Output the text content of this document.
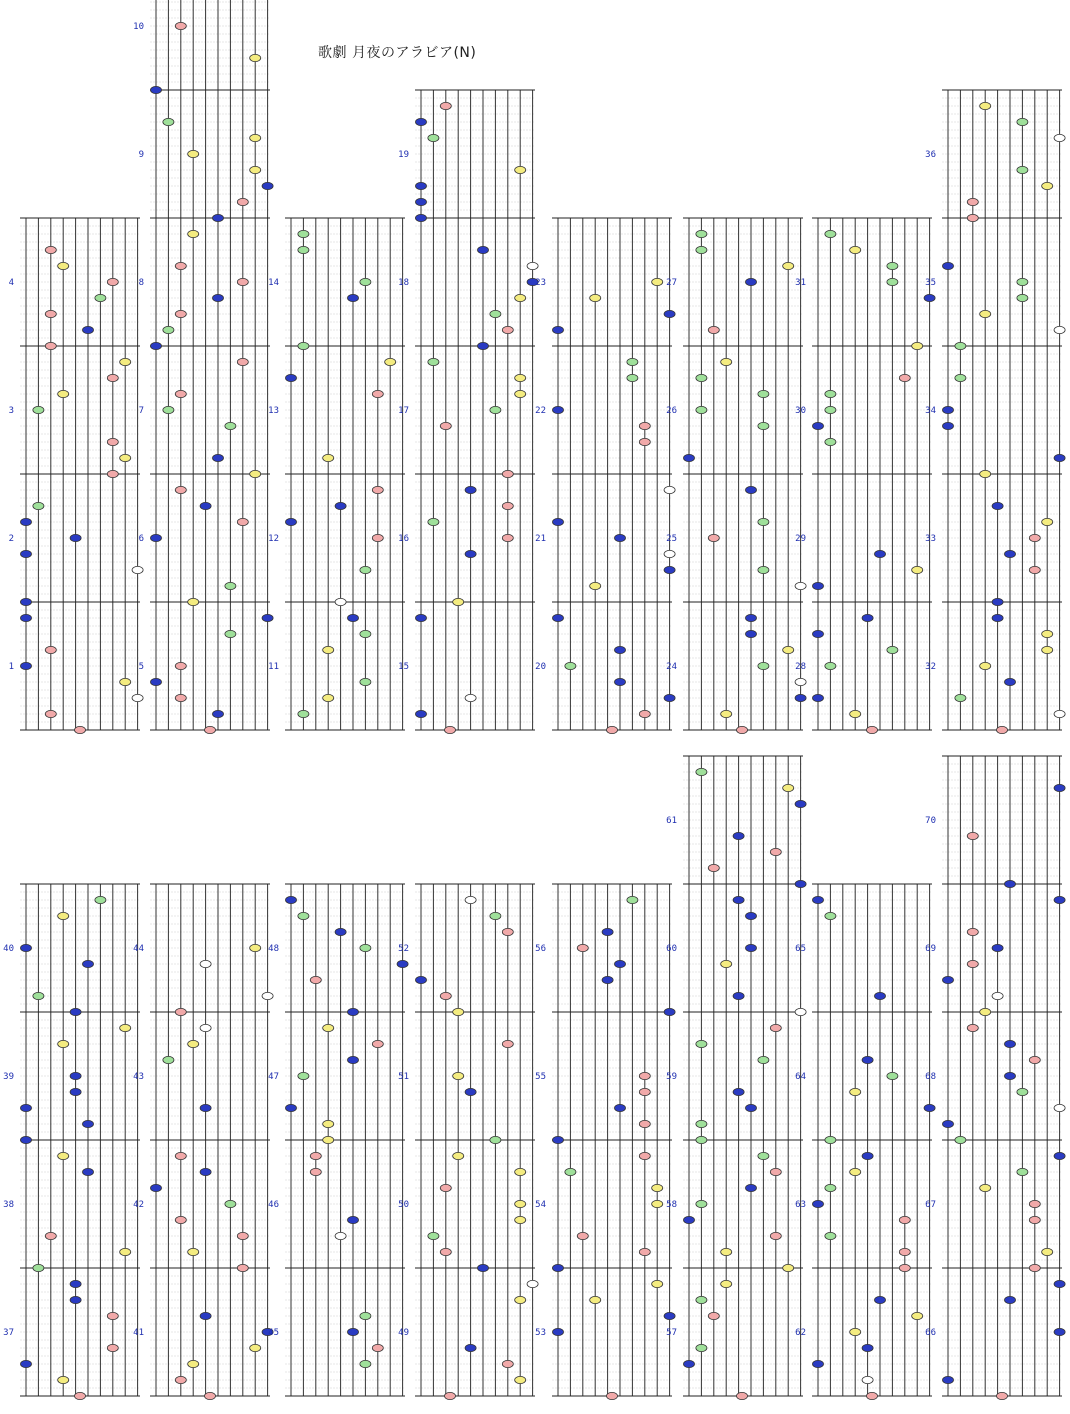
歌劇 月夜のアラビア(N)
1
2
3
4
5
6
7
8
9
10
11
12
13
14
15
16
17
18
19
20
21
22
23
24
25
26
27
28
29
30
31
32
33
34
35
36
37
38
39
40
41
42
43
44
45
46
47
48
49
50
51
52
53
54
55
56
57
58
59
60
61
62
63
64
65
66
67
68
69
70
